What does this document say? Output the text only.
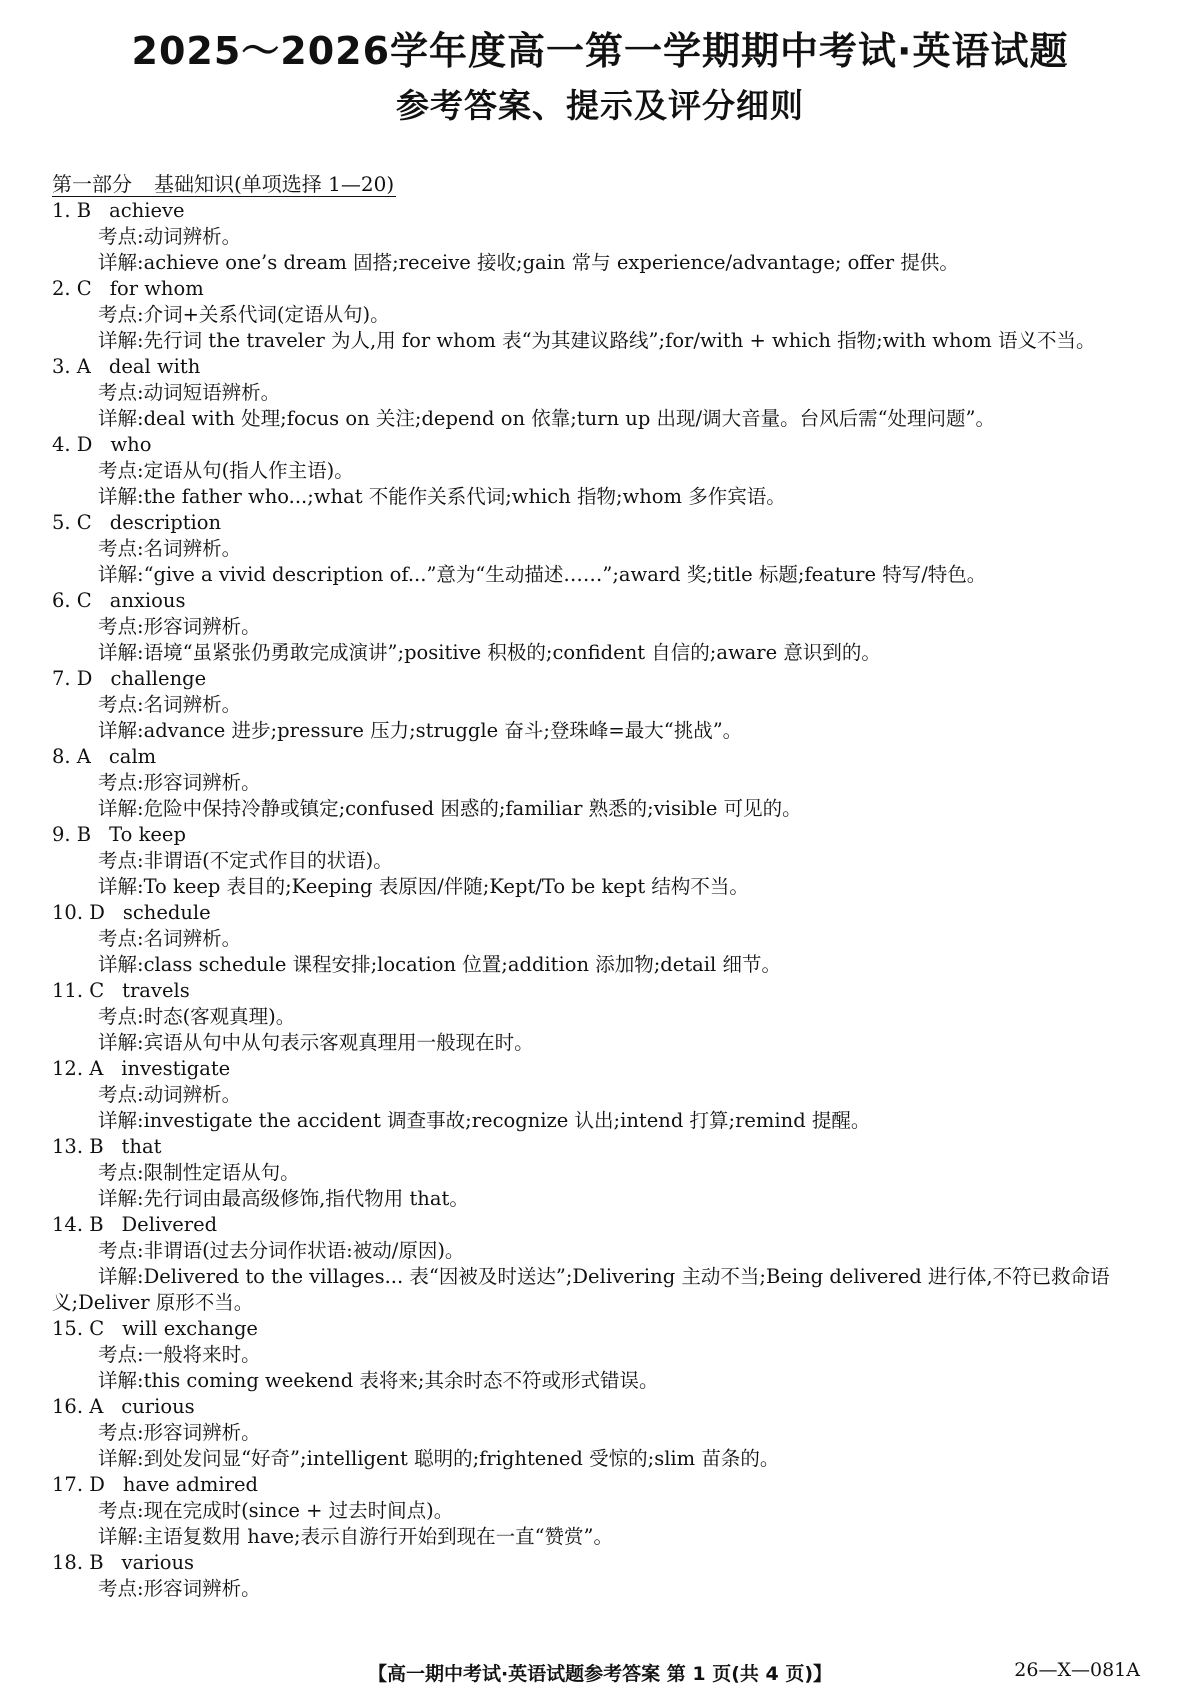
2025～2026学年度高一第一学期期中考试·英语试题
参考答案、提示及评分细则
第一部分 基础知识(单项选择 1—20)
1. B achieve
考点:动词辨析。
详解:achieve one’s dream 固搭;receive 接收;gain 常与 experience/advantage; offer 提供。
2. C for whom
考点:介词+关系代词(定语从句)。
详解:先行词 the traveler 为人,用 for whom 表“为其建议路线”;for/with + which 指物;with whom 语义不当。
3. A deal with
考点:动词短语辨析。
详解:deal with 处理;focus on 关注;depend on 依靠;turn up 出现/调大音量。台风后需“处理问题”。
4. D who
考点:定语从句(指人作主语)。
详解:the father who...;what 不能作关系代词;which 指物;whom 多作宾语。
5. C description
考点:名词辨析。
详解:“give a vivid description of...”意为“生动描述……”;award 奖;title 标题;feature 特写/特色。
6. C anxious
考点:形容词辨析。
详解:语境“虽紧张仍勇敢完成演讲”;positive 积极的;confident 自信的;aware 意识到的。
7. D challenge
考点:名词辨析。
详解:advance 进步;pressure 压力;struggle 奋斗;登珠峰=最大“挑战”。
8. A calm
考点:形容词辨析。
详解:危险中保持冷静或镇定;confused 困惑的;familiar 熟悉的;visible 可见的。
9. B To keep
考点:非谓语(不定式作目的状语)。
详解:To keep 表目的;Keeping 表原因/伴随;Kept/To be kept 结构不当。
10. D schedule
考点:名词辨析。
详解:class schedule 课程安排;location 位置;addition 添加物;detail 细节。
11. C travels
考点:时态(客观真理)。
详解:宾语从句中从句表示客观真理用一般现在时。
12. A investigate
考点:动词辨析。
详解:investigate the accident 调查事故;recognize 认出;intend 打算;remind 提醒。
13. B that
考点:限制性定语从句。
详解:先行词由最高级修饰,指代物用 that。
14. B Delivered
考点:非谓语(过去分词作状语:被动/原因)。
详解:Delivered to the villages... 表“因被及时送达”;Delivering 主动不当;Being delivered 进行体,不符已救命语义;Deliver 原形不当。
15. C will exchange
考点:一般将来时。
详解:this coming weekend 表将来;其余时态不符或形式错误。
16. A curious
考点:形容词辨析。
详解:到处发问显“好奇”;intelligent 聪明的;frightened 受惊的;slim 苗条的。
17. D have admired
考点:现在完成时(since + 过去时间点)。
详解:主语复数用 have;表示自游行开始到现在一直“赞赏”。
18. B various
考点:形容词辨析。
【高一期中考试·英语试题参考答案 第 1 页(共 4 页)】	26—X—081A
